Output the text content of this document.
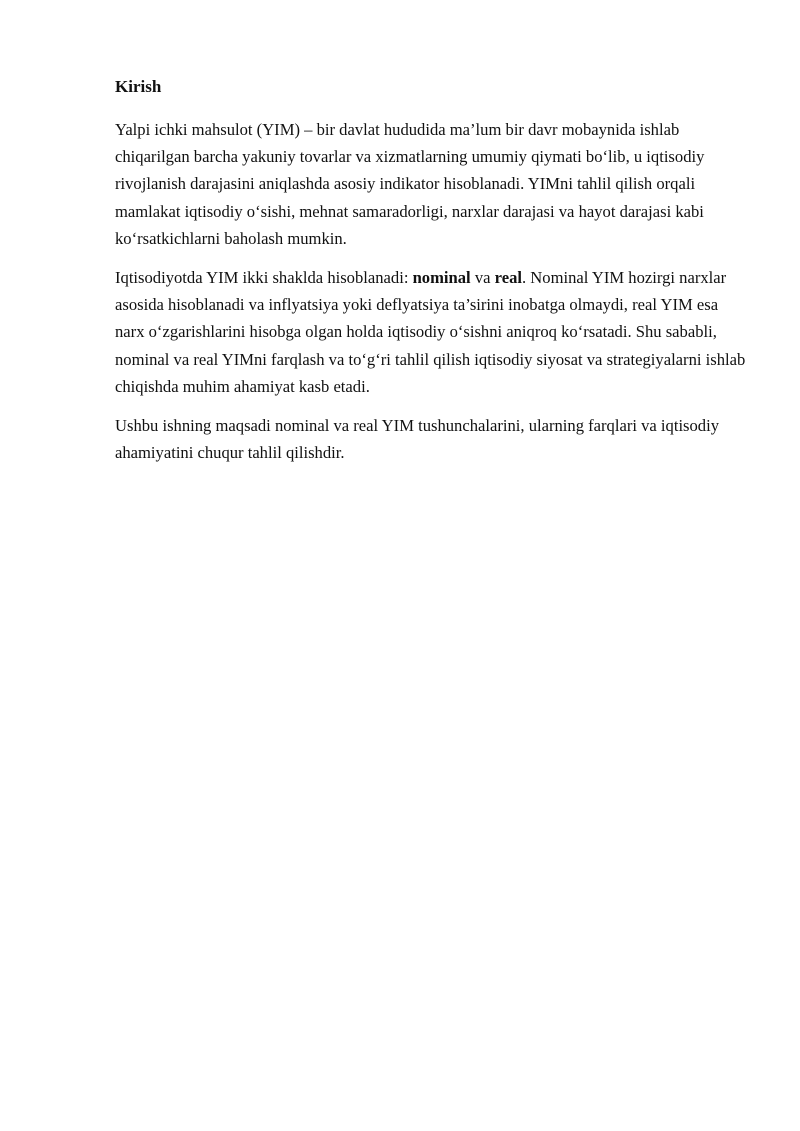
Kirish

Yalpi ichki mahsulot (YIM) – bir davlat hududida ma’lum bir davr mobaynida ishlab chiqarilgan barcha yakuniy tovarlar va xizmatlarning umumiy qiymati bo‘lib, u iqtisodiy rivojlanish darajasini aniqlashda asosiy indikator hisoblanadi. YIMni tahlil qilish orqali mamlakat iqtisodiy o‘sishi, mehnat samaradorligi, narxlar darajasi va hayot darajasi kabi ko‘rsatkichlarni baholash mumkin.

Iqtisodiyotda YIM ikki shaklda hisoblanadi: nominal va real. Nominal YIM hozirgi narxlar asosida hisoblanadi va inflyatsiya yoki deflyatsiya ta’sirini inobatga olmaydi, real YIM esa narx o‘zgarishlarini hisobga olgan holda iqtisodiy o‘sishni aniqroq ko‘rsatadi. Shu sababli, nominal va real YIMni farqlash va to‘g‘ri tahlil qilish iqtisodiy siyosat va strategiyalarni ishlab chiqishda muhim ahamiyat kasb etadi.

Ushbu ishning maqsadi nominal va real YIM tushunchalarini, ularning farqlari va iqtisodiy ahamiyatini chuqur tahlil qilishdir.
